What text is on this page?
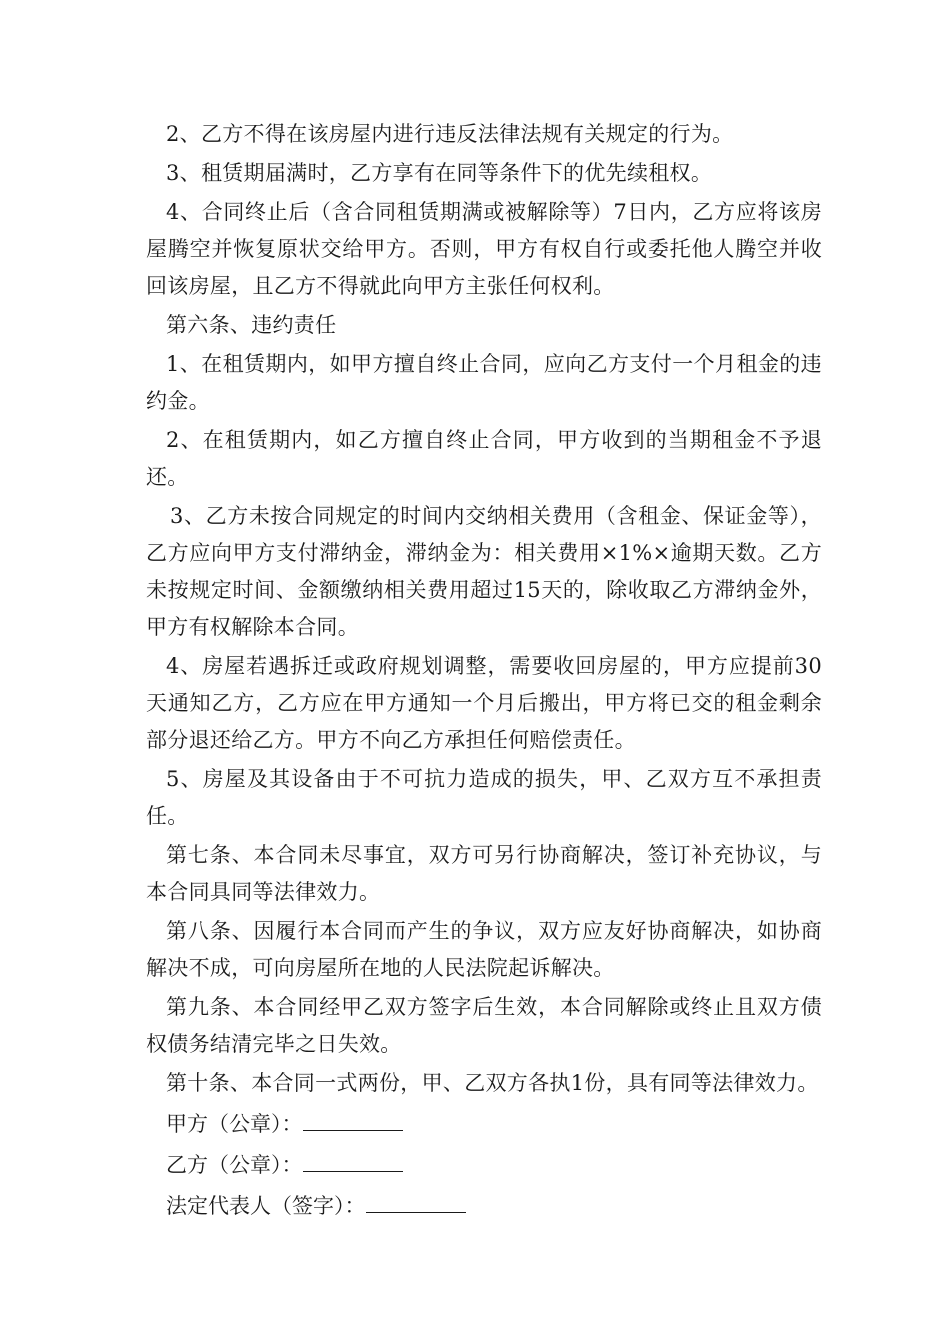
2、乙方不得在该房屋内进行违反法律法规有关规定的行为。

3、租赁期届满时，乙方享有在同等条件下的优先续租权。

4、合同终止后（含合同租赁期满或被解除等）7日内，乙方应将该房屋腾空并恢复原状交给甲方。否则，甲方有权自行或委托他人腾空并收回该房屋，且乙方不得就此向甲方主张任何权利。

第六条、违约责任

1、在租赁期内，如甲方擅自终止合同，应向乙方支付一个月租金的违约金。

2、在租赁期内，如乙方擅自终止合同，甲方收到的当期租金不予退还。

3、乙方未按合同规定的时间内交纳相关费用（含租金、保证金等），乙方应向甲方支付滞纳金，滞纳金为：相关费用×1%×逾期天数。乙方未按规定时间、金额缴纳相关费用超过15天的，除收取乙方滞纳金外，甲方有权解除本合同。

4、房屋若遇拆迁或政府规划调整，需要收回房屋的，甲方应提前30天通知乙方，乙方应在甲方通知一个月后搬出，甲方将已交的租金剩余部分退还给乙方。甲方不向乙方承担任何赔偿责任。

5、房屋及其设备由于不可抗力造成的损失，甲、乙双方互不承担责任。

第七条、本合同未尽事宜，双方可另行协商解决，签订补充协议，与本合同具同等法律效力。

第八条、因履行本合同而产生的争议，双方应友好协商解决，如协商解决不成，可向房屋所在地的人民法院起诉解决。

第九条、本合同经甲乙双方签字后生效，本合同解除或终止且双方债权债务结清完毕之日失效。

第十条、本合同一式两份，甲、乙双方各执1份，具有同等法律效力。

甲方（公章）：
乙方（公章）：
法定代表人（签字）：
